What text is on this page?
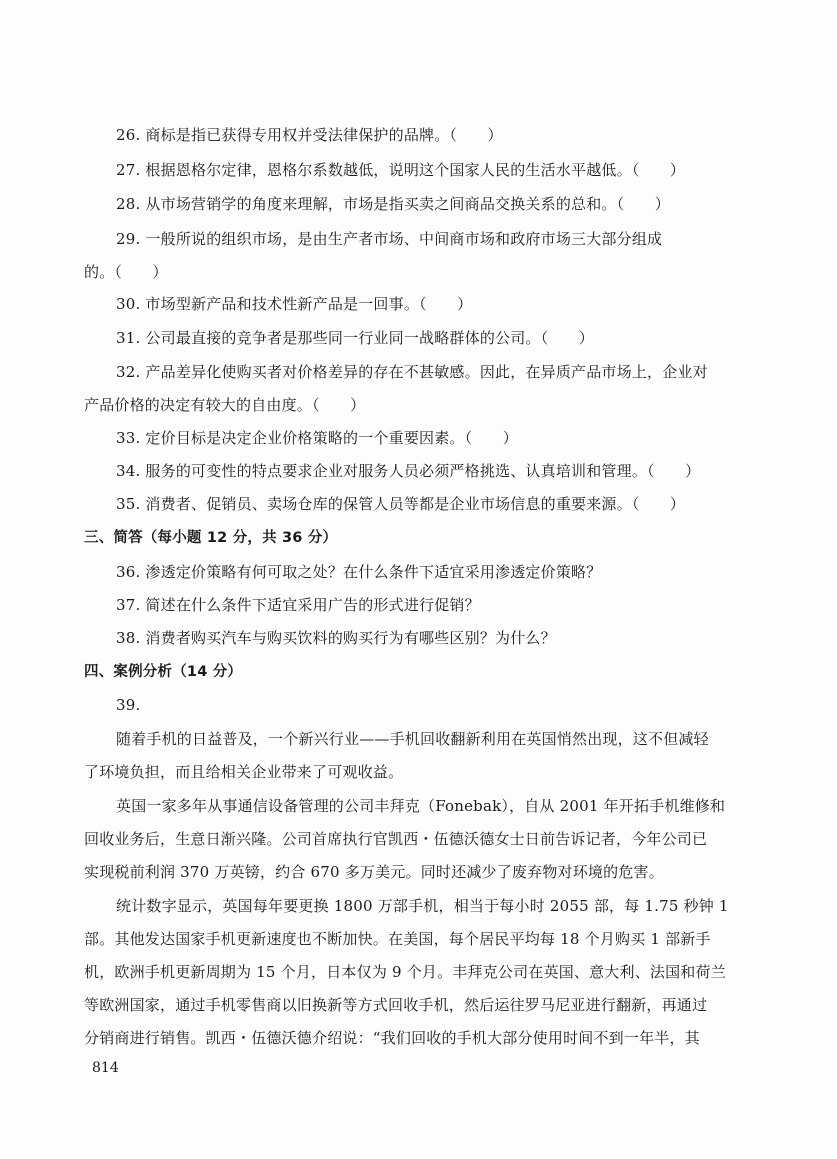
26. 商标是指已获得专用权并受法律保护的品牌。（　　）
27. 根据恩格尔定律，恩格尔系数越低，说明这个国家人民的生活水平越低。（　　）
28. 从市场营销学的角度来理解，市场是指买卖之间商品交换关系的总和。（　　）
29. 一般所说的组织市场，是由生产者市场、中间商市场和政府市场三大部分组成
的。（　　）
30. 市场型新产品和技术性新产品是一回事。（　　）
31. 公司最直接的竞争者是那些同一行业同一战略群体的公司。（　　）
32. 产品差异化使购买者对价格差异的存在不甚敏感。因此，在异质产品市场上，企业对
产品价格的决定有较大的自由度。（　　）
33. 定价目标是决定企业价格策略的一个重要因素。（　　）
34. 服务的可变性的特点要求企业对服务人员必须严格挑选、认真培训和管理。（　　）
35. 消费者、促销员、卖场仓库的保管人员等都是企业市场信息的重要来源。（　　）
三、简答（每小题 12 分，共 36 分）
36. 渗透定价策略有何可取之处？在什么条件下适宜采用渗透定价策略？
37. 简述在什么条件下适宜采用广告的形式进行促销？
38. 消费者购买汽车与购买饮料的购买行为有哪些区别？为什么？
四、案例分析（14 分）
39.
随着手机的日益普及，一个新兴行业——手机回收翻新利用在英国悄然出现，这不但减轻
了环境负担，而且给相关企业带来了可观收益。
英国一家多年从事通信设备管理的公司丰拜克（Fonebak），自从 2001 年开拓手机维修和
回收业务后，生意日渐兴隆。公司首席执行官凯西・伍德沃德女士日前告诉记者，今年公司已
实现税前利润 370 万英镑，约合 670 多万美元。同时还减少了废弃物对环境的危害。
统计数字显示，英国每年要更换 1800 万部手机，相当于每小时 2055 部，每 1.75 秒钟 1
部。其他发达国家手机更新速度也不断加快。在美国，每个居民平均每 18 个月购买 1 部新手
机，欧洲手机更新周期为 15 个月，日本仅为 9 个月。丰拜克公司在英国、意大利、法国和荷兰
等欧洲国家，通过手机零售商以旧换新等方式回收手机，然后运往罗马尼亚进行翻新，再通过
分销商进行销售。凯西・伍德沃德介绍说：“我们回收的手机大部分使用时间不到一年半，其
814
